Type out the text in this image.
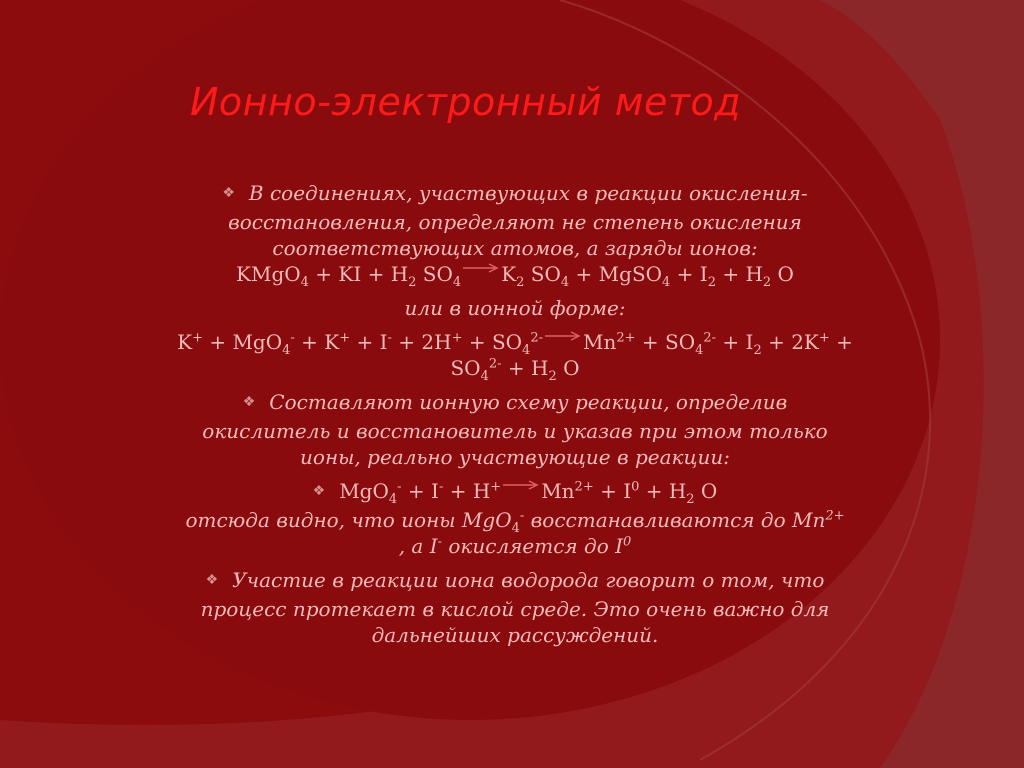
Ионно-электронный метод

❖ В соединениях, участвующих в реакции окисления-
восстановления, определяют не степень окисления
соответствующих атомов, а заряды ионов:

KMgO$_4$ + KI + $H_2$ $SO_4 \to K_2$ $SO_4$ + MgSO$_4$ + $I_2 + H_2$ O

или в ионной форме:

$K^+ + MgO_4^- + K^+ + I^- + 2H^+ + SO_4^{2-} \to Mn^{2+} + SO_4^{2-} + I_2 + 2K^+$ +
$SO_4^{2-} + H_2$ O

❖ Составляют ионную схему реакции, определив
окислитель и восстановитель и указав при этом только
ионы, реально участвующие в реакции:

❖ $MgO_4^- + I^- + H^+ \to Mn^{2+} + I^0 + H_2$ O

отсюда видно, что ионы MgO$_4$- восстанавливаются до $Mn^{2+}$
, а I- окисляется до $I^0$

❖ Участие в реакции иона водорода говорит о том, что
процесс протекает в кислой среде. Это очень важно для
дальнейших рассуждений.
